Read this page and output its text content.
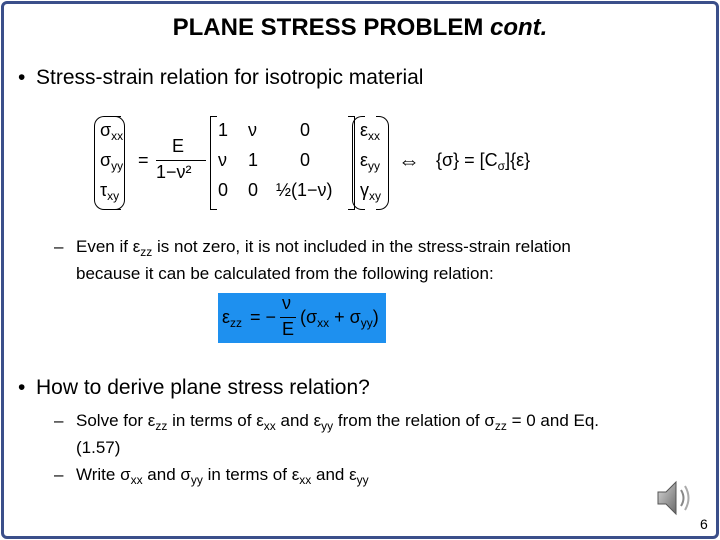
PLANE STRESS PROBLEM cont.
• Stress-strain relation for isotropic material
$\sigma_{xx}$
$\sigma_{yy}$
$\tau_{xy}$
=
E
1−ν²
1 ν 0
ν 1 0
0 0 ½(1−ν)
$\varepsilon_{xx}$
$\varepsilon_{yy}$
$\gamma_{xy}$
⇔ $\{\sigma\} = [C_\sigma]\{\varepsilon\}$
– Even if $\varepsilon_{zz}$ is not zero, it is not included in the stress-strain relation
because it can be calculated from the following relation:
$\varepsilon_{zz}$ = −
ν
E
$(\sigma_{xx} + \sigma_{yy})$
• How to derive plane stress relation?
– Solve for $\varepsilon_{zz}$ in terms of $\varepsilon_{xx}$ and $\varepsilon_{yy}$ from the relation of $\sigma_{zz} = 0$ and Eq.
(1.57)
– Write $\sigma_{xx}$ and $\sigma_{yy}$ in terms of $\varepsilon_{xx}$ and $\varepsilon_{yy}$
6
